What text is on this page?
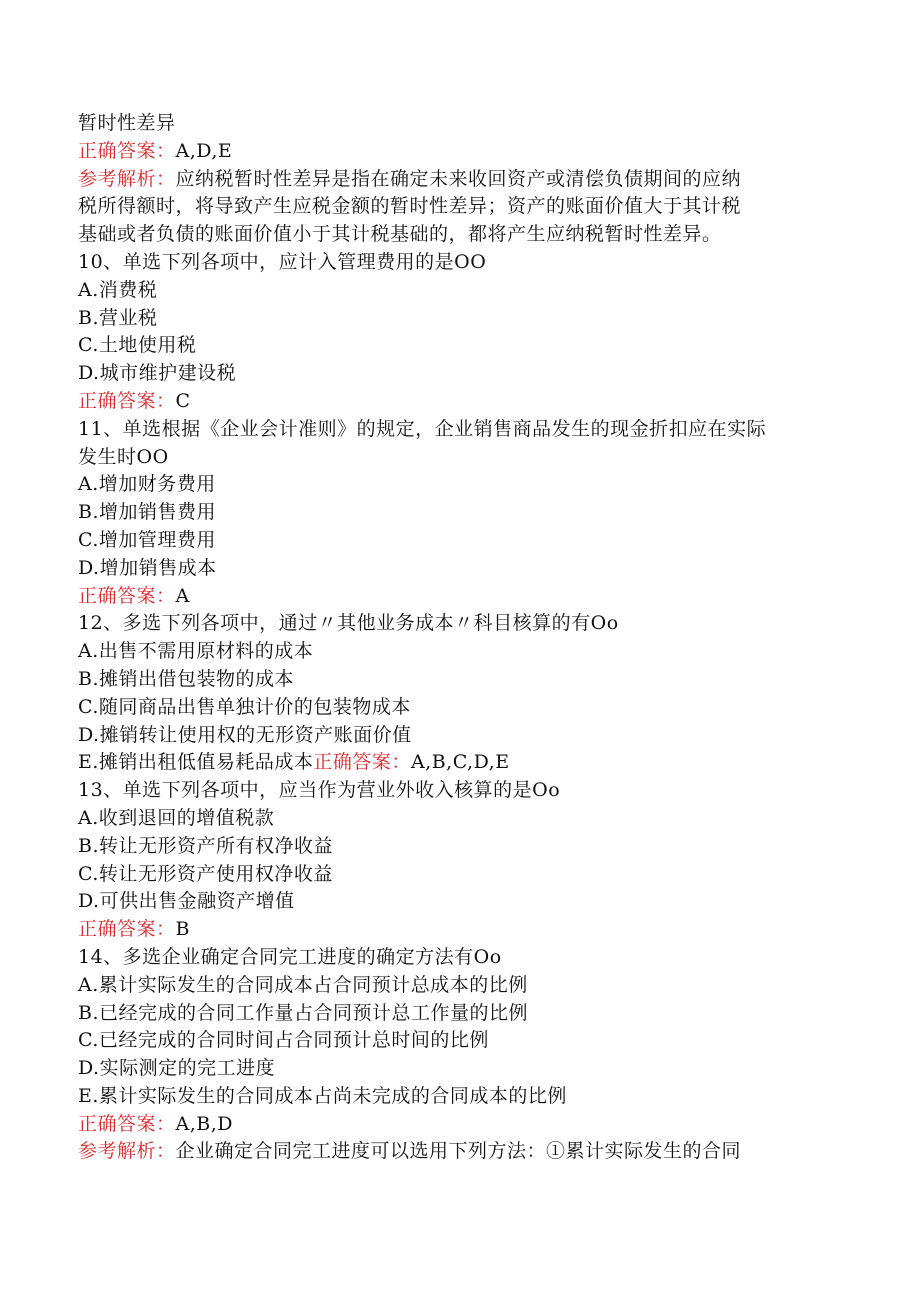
暂时性差异
正确答案：A,D,E
参考解析：应纳税暂时性差异是指在确定未来收回资产或清偿负债期间的应纳
税所得额时，将导致产生应税金额的暂时性差异；资产的账面价值大于其计税
基础或者负债的账面价值小于其计税基础的，都将产生应纳税暂时性差异。
10、单选下列各项中，应计入管理费用的是OO
A.消费税
B.营业税
C.土地使用税
D.城市维护建设税
正确答案：C
11、单选根据《企业会计准则》的规定，企业销售商品发生的现金折扣应在实际
发生时OO
A.增加财务费用
B.增加销售费用
C.增加管理费用
D.增加销售成本
正确答案：A
12、多选下列各项中，通过〃其他业务成本〃科目核算的有Oo
A.出售不需用原材料的成本
B.摊销出借包装物的成本
C.随同商品出售单独计价的包装物成本
D.摊销转让使用权的无形资产账面价值
E.摊销出租低值易耗品成本正确答案：A,B,C,D,E
13、单选下列各项中，应当作为营业外收入核算的是Oo
A.收到退回的增值税款
B.转让无形资产所有权净收益
C.转让无形资产使用权净收益
D.可供出售金融资产增值
正确答案：B
14、多选企业确定合同完工进度的确定方法有Oo
A.累计实际发生的合同成本占合同预计总成本的比例
B.已经完成的合同工作量占合同预计总工作量的比例
C.已经完成的合同时间占合同预计总时间的比例
D.实际测定的完工进度
E.累计实际发生的合同成本占尚未完成的合同成本的比例
正确答案：A,B,D
参考解析：企业确定合同完工进度可以选用下列方法：①累计实际发生的合同
